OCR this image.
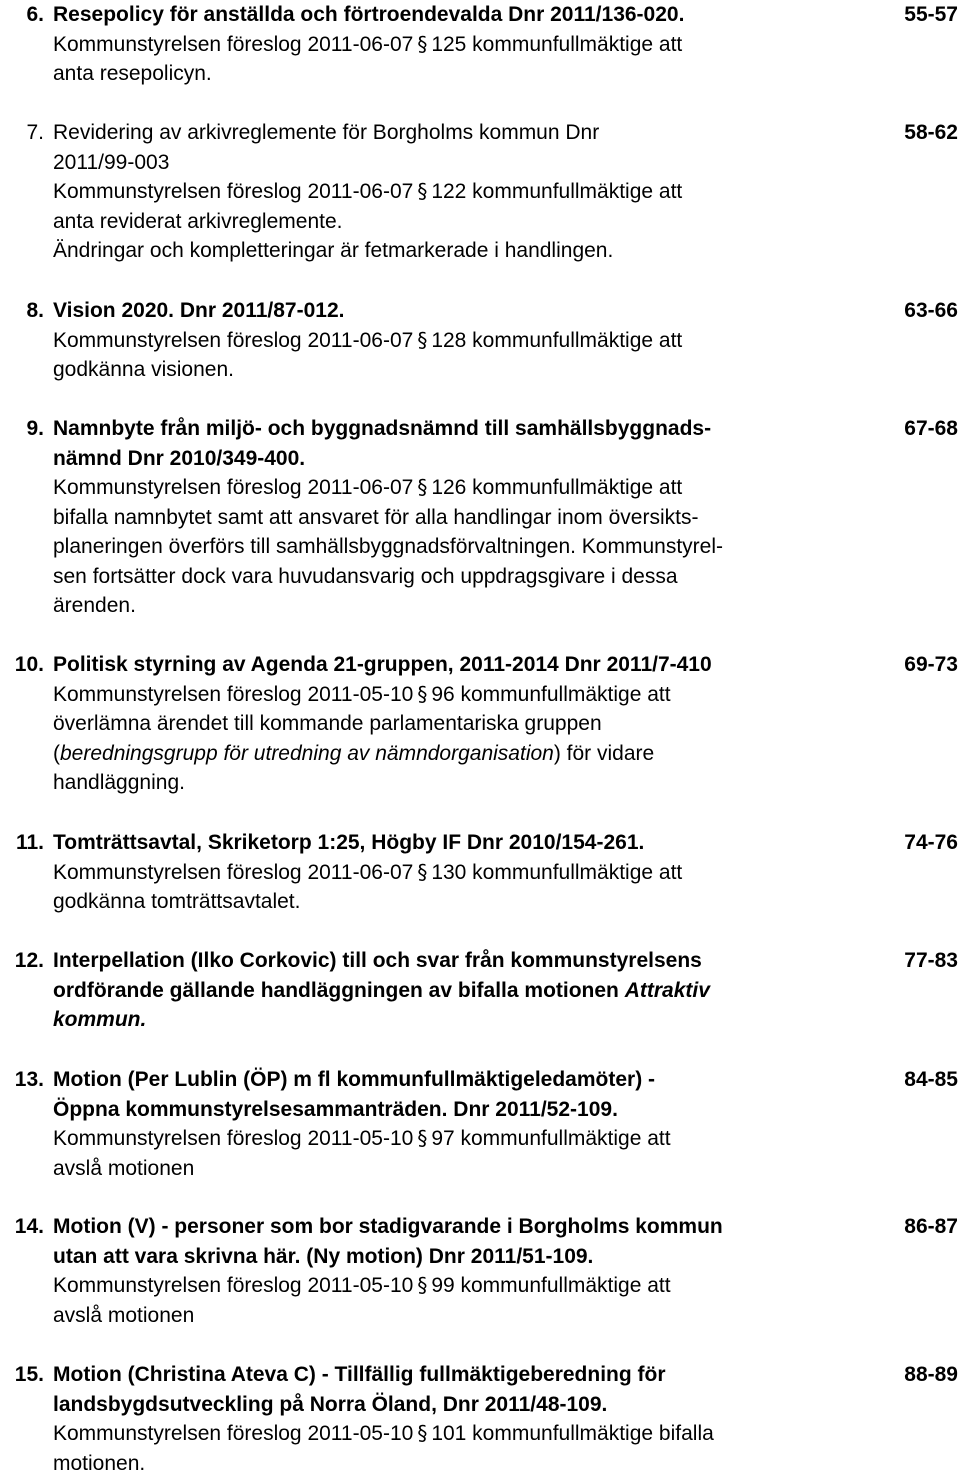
6. Resepolicy för anställda och förtroendevalda Dnr 2011/136-020.
Kommunstyrelsen föreslog 2011-06-07 § 125 kommunfullmäktige att
anta resepolicyn.
55-57
7. Revidering av arkivreglemente för Borgholms kommun Dnr
2011/99-003
Kommunstyrelsen föreslog 2011-06-07 § 122 kommunfullmäktige att
anta reviderat arkivreglemente.
Ändringar och kompletteringar är fetmarkerade i handlingen.
58-62
8. Vision 2020. Dnr 2011/87-012.
Kommunstyrelsen föreslog 2011-06-07 § 128 kommunfullmäktige att
godkänna visionen.
63-66
9. Namnbyte från miljö- och byggnadsnämnd till samhällsbyggnads-
nämnd Dnr 2010/349-400.
Kommunstyrelsen föreslog 2011-06-07 § 126 kommunfullmäktige att
bifalla namnbytet samt att ansvaret för alla handlingar inom översikts-
planeringen överförs till samhällsbyggnadsförvaltningen. Kommunstyrel-
sen fortsätter dock vara huvudansvarig och uppdragsgivare i dessa
ärenden.
67-68
10. Politisk styrning av Agenda 21-gruppen, 2011-2014 Dnr 2011/7-410
Kommunstyrelsen föreslog 2011-05-10 § 96 kommunfullmäktige att
överlämna ärendet till kommande parlamentariska gruppen
(beredningsgrupp för utredning av nämndorganisation) för vidare
handläggning.
69-73
11. Tomträttsavtal, Skriketorp 1:25, Högby IF Dnr 2010/154-261.
Kommunstyrelsen föreslog 2011-06-07 § 130 kommunfullmäktige att
godkänna tomträttsavtalet.
74-76
12. Interpellation (Ilko Corkovic) till och svar från kommunstyrelsens
ordförande gällande handläggningen av bifalla motionen Attraktiv
kommun.
77-83
13. Motion (Per Lublin (ÖP) m fl kommunfullmäktigeledamöter) -
Öppna kommunstyrelsesammanträden. Dnr 2011/52-109.
Kommunstyrelsen föreslog 2011-05-10 § 97 kommunfullmäktige att
avslå motionen
84-85
14. Motion (V) - personer som bor stadigvarande i Borgholms kommun
utan att vara skrivna här. (Ny motion) Dnr 2011/51-109.
Kommunstyrelsen föreslog 2011-05-10 § 99 kommunfullmäktige att
avslå motionen
86-87
15. Motion (Christina Ateva C) - Tillfällig fullmäktigeberedning för
landsbygdsutveckling på Norra Öland, Dnr 2011/48-109.
Kommunstyrelsen föreslog 2011-05-10 § 101 kommunfullmäktige bifalla
motionen.
88-89
